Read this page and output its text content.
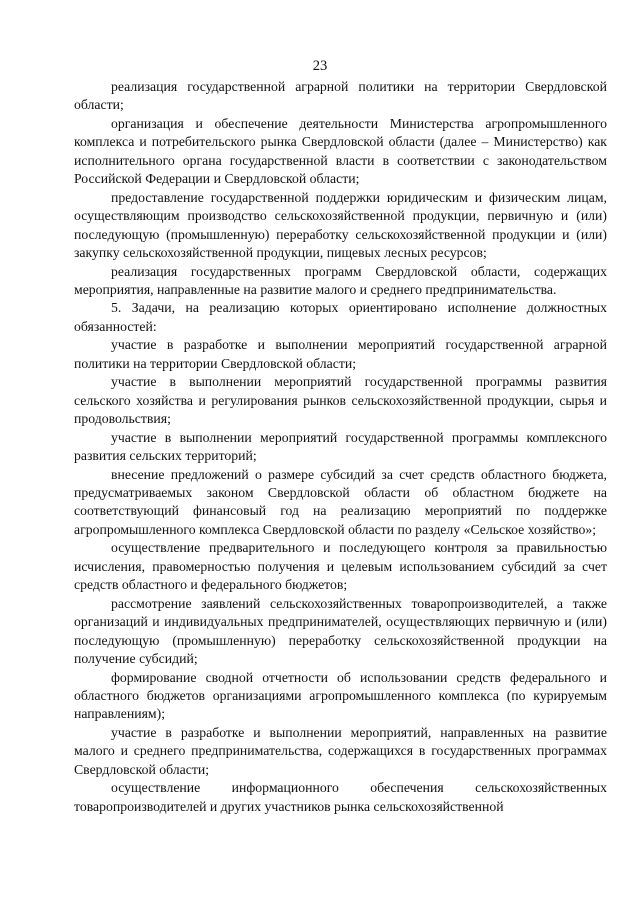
23

реализация государственной аграрной политики на территории Свердловской области;

организация и обеспечение деятельности Министерства агропромышленного комплекса и потребительского рынка Свердловской области (далее – Министерство) как исполнительного органа государственной власти в соответствии с законодательством Российской Федерации и Свердловской области;

предоставление государственной поддержки юридическим и физическим лицам, осуществляющим производство сельскохозяйственной продукции, первичную и (или) последующую (промышленную) переработку сельскохозяйственной продукции и (или) закупку сельскохозяйственной продукции, пищевых лесных ресурсов;

реализация государственных программ Свердловской области, содержащих мероприятия, направленные на развитие малого и среднего предпринимательства.

5. Задачи, на реализацию которых ориентировано исполнение должностных обязанностей:

участие в разработке и выполнении мероприятий государственной аграрной политики на территории Свердловской области;

участие в выполнении мероприятий государственной программы развития сельского хозяйства и регулирования рынков сельскохозяйственной продукции, сырья и продовольствия;

участие в выполнении мероприятий государственной программы комплексного развития сельских территорий;

внесение предложений о размере субсидий за счет средств областного бюджета, предусматриваемых законом Свердловской области об областном бюджете на соответствующий финансовый год на реализацию мероприятий по поддержке агропромышленного комплекса Свердловской области по разделу «Сельское хозяйство»;

осуществление предварительного и последующего контроля за правильностью исчисления, правомерностью получения и целевым использованием субсидий за счет средств областного и федерального бюджетов;

рассмотрение заявлений сельскохозяйственных товаропроизводителей, а также организаций и индивидуальных предпринимателей, осуществляющих первичную и (или) последующую (промышленную) переработку сельскохозяйственной продукции на получение субсидий;

формирование сводной отчетности об использовании средств федерального и областного бюджетов организациями агропромышленного комплекса (по курируемым направлениям);

участие в разработке и выполнении мероприятий, направленных на развитие малого и среднего предпринимательства, содержащихся в государственных программах Свердловской области;

осуществление информационного обеспечения сельскохозяйственных товаропроизводителей и других участников рынка сельскохозяйственной
